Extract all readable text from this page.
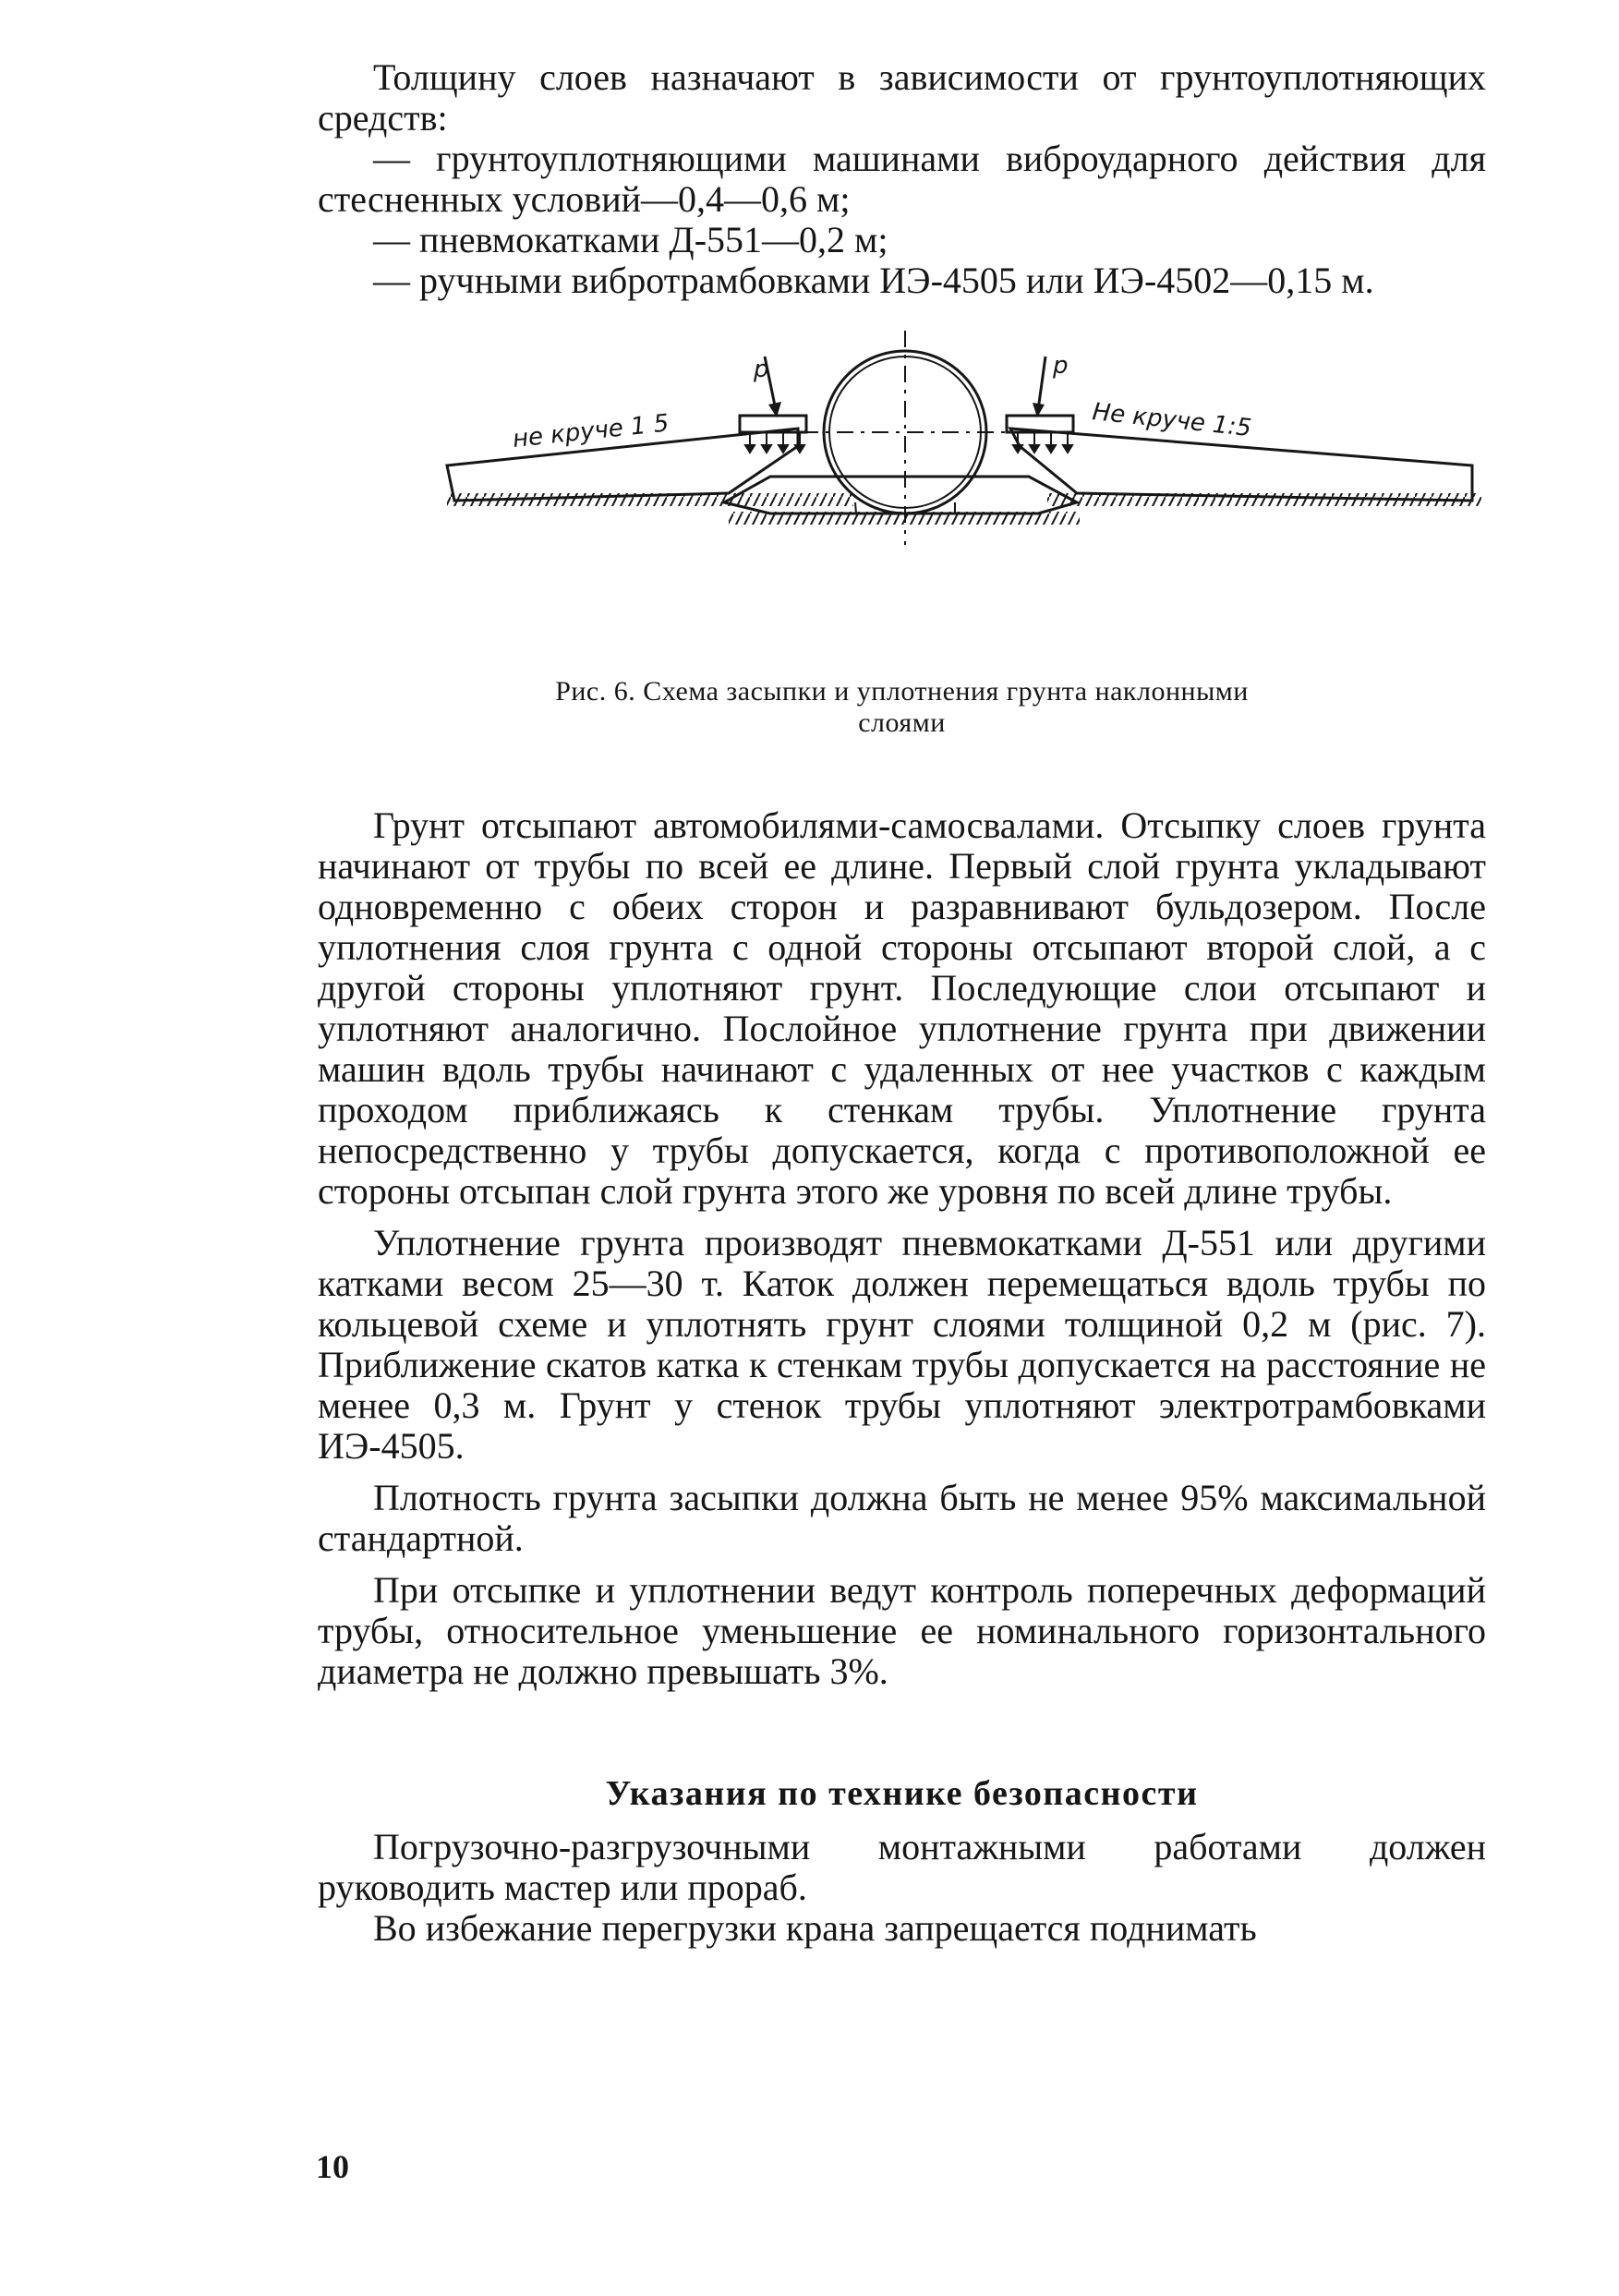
Толщину слоев назначают в зависимости от грунтоуплотняющих средств:

— грунтоуплотняющими машинами виброударного действия для стесненных условий—0,4—0,6 м;

— пневмокатками Д-551—0,2 м;

— ручными вибротрамбовками ИЭ-4505 или ИЭ-4502—0,15 м.

p	p
не круче 1 5	Не круче 1:5
Рис. 6. Схема засыпки и уплотнения грунта наклонными
слоями

Грунт отсыпают автомобилями-самосвалами. Отсыпку слоев грунта начинают от трубы по всей ее длине. Первый слой грунта укладывают одновременно с обеих сторон и разравнивают бульдозером. После уплотнения слоя грунта с одной стороны отсыпают второй слой, а с другой стороны уплотняют грунт. Последующие слои отсыпают и уплотняют аналогично. Послойное уплотнение грунта при движении машин вдоль трубы начинают с удаленных от нее участков с каждым проходом приближаясь к стенкам трубы. Уплотнение грунта непосредственно у трубы допускается, когда с противоположной ее стороны отсыпан слой грунта этого же уровня по всей длине трубы.

Уплотнение грунта производят пневмокатками Д-551 или другими катками весом 25—30 т. Каток должен перемещаться вдоль трубы по кольцевой схеме и уплотнять грунт слоями толщиной 0,2 м (рис. 7). Приближение скатов катка к стенкам трубы допускается на расстояние не менее 0,3 м. Грунт у стенок трубы уплотняют электротрамбовками ИЭ-4505.

Плотность грунта засыпки должна быть не менее 95% максимальной стандартной.

При отсыпке и уплотнении ведут контроль поперечных деформаций трубы, относительное уменьшение ее номинального горизонтального диаметра не должно превышать 3%.

Указания по технике безопасности

Погрузочно-разгрузочными монтажными работами должен руководить мастер или прораб.

Во избежание перегрузки крана запрещается поднимать

10
